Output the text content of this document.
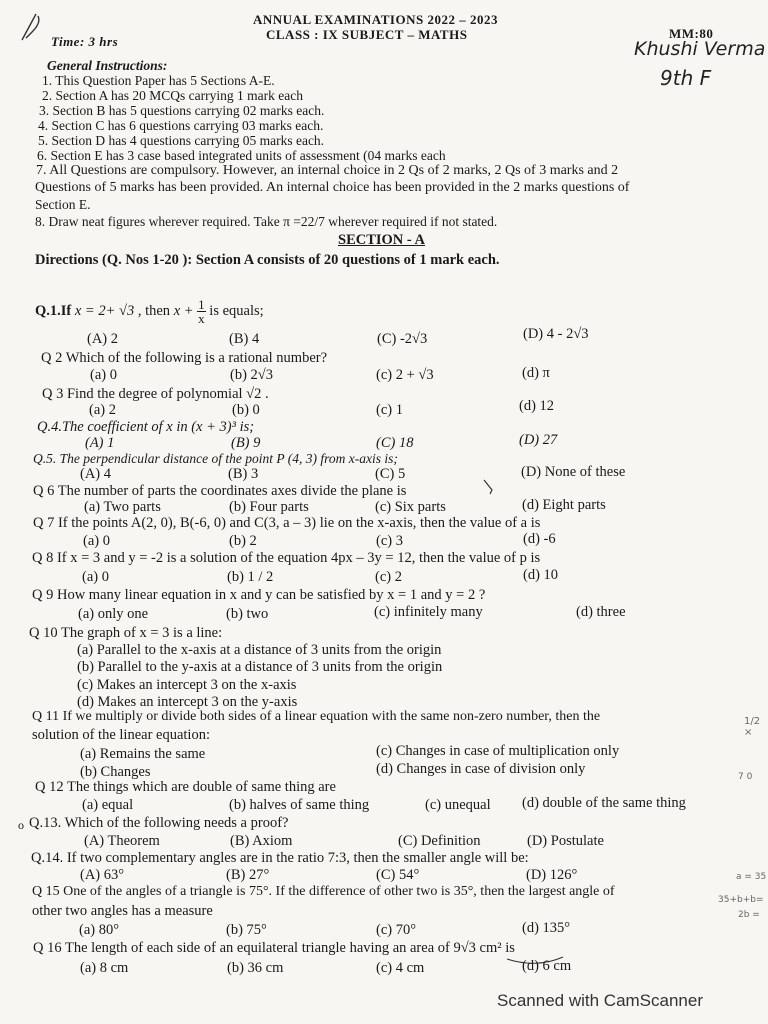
ANNUAL EXAMINATIONS 2022 – 2023
CLASS : IX SUBJECT – MATHS
Time: 3 hrs
MM:80
Khushi Verma
9th F
General Instructions:
1. This Question Paper has 5 Sections A-E.
2. Section A has 20 MCQs carrying 1 mark each
3. Section B has 5 questions carrying 02 marks each.
4. Section C has 6 questions carrying 03 marks each.
5. Section D has 4 questions carrying 05 marks each.
6. Section E has 3 case based integrated units of assessment (04 marks each
7. All Questions are compulsory. However, an internal choice in 2 Qs of 2 marks, 2 Qs of 3 marks and 2
Questions of 5 marks has been provided. An internal choice has been provided in the 2 marks questions of
Section E.
8. Draw neat figures wherever required. Take π =22/7 wherever required if not stated.
SECTION - A
Directions (Q. Nos 1-20 ): Section A consists of 20 questions of 1 mark each.
Q.1.If x = 2+ √3 , then $x + \frac{1}{x}$ is equals;
(A) 2	(B) 4	(C) -2√3	(D) 4 - 2√3
Q 2 Which of the following is a rational number?
(a) 0	(b) 2√3	(c) 2 + √3	(d) π
Q 3 Find the degree of polynomial √2 .
(a) 2	(b) 0	(c) 1	(d) 12
Q.4.The coefficient of x in (x + 3)³ is;
(A) 1	(B) 9	(C) 18	(D) 27
Q.5. The perpendicular distance of the point P (4, 3) from x-axis is;
(A) 4	(B) 3	(C) 5	(D) None of these
Q 6 The number of parts the coordinates axes divide the plane is
(a) Two parts	(b) Four parts	(c) Six parts	(d) Eight parts
Q 7 If the points A(2, 0), B(-6, 0) and C(3, a – 3) lie on the x-axis, then the value of a is
(a) 0	(b) 2	(c) 3	(d) -6
Q 8 If x = 3 and y = -2 is a solution of the equation 4px – 3y = 12, then the value of p is
(a) 0	(b) 1 / 2	(c) 2	(d) 10
Q 9 How many linear equation in x and y can be satisfied by x = 1 and y = 2 ?
(a) only one	(b) two	(c) infinitely many	(d) three
Q 10 The graph of x = 3 is a line:
(a) Parallel to the x-axis at a distance of 3 units from the origin
(b) Parallel to the y-axis at a distance of 3 units from the origin
(c) Makes an intercept 3 on the x-axis
(d) Makes an intercept 3 on the y-axis
Q 11 If we multiply or divide both sides of a linear equation with the same non-zero number, then the
solution of the linear equation:
(a) Remains the same	(c) Changes in case of multiplication only
(b) Changes	(d) Changes in case of division only
Q 12 The things which are double of same thing are
(a) equal	(b) halves of same thing	(c) unequal (d) double of the same thing
o Q.13. Which of the following needs a proof?
(A) Theorem	(B) Axiom	(C) Definition	(D) Postulate
Q.14. If two complementary angles are in the ratio 7:3, then the smaller angle will be:
(A) 63°	(B) 27°	(C) 54°	(D) 126°
Q 15 One of the angles of a triangle is 75°. If the difference of other two is 35°, then the largest angle of
other two angles has a measure
(a) 80°	(b) 75°	(c) 70°	(d) 135°
Q 16 The length of each side of an equilateral triangle having an area of 9√3 cm² is
(a) 8 cm	(b) 36 cm	(c) 4 cm	(d) 6 cm
1/2 ×
7 0
a = 35
35+b+b=
2b =
Scanned with CamScanner
